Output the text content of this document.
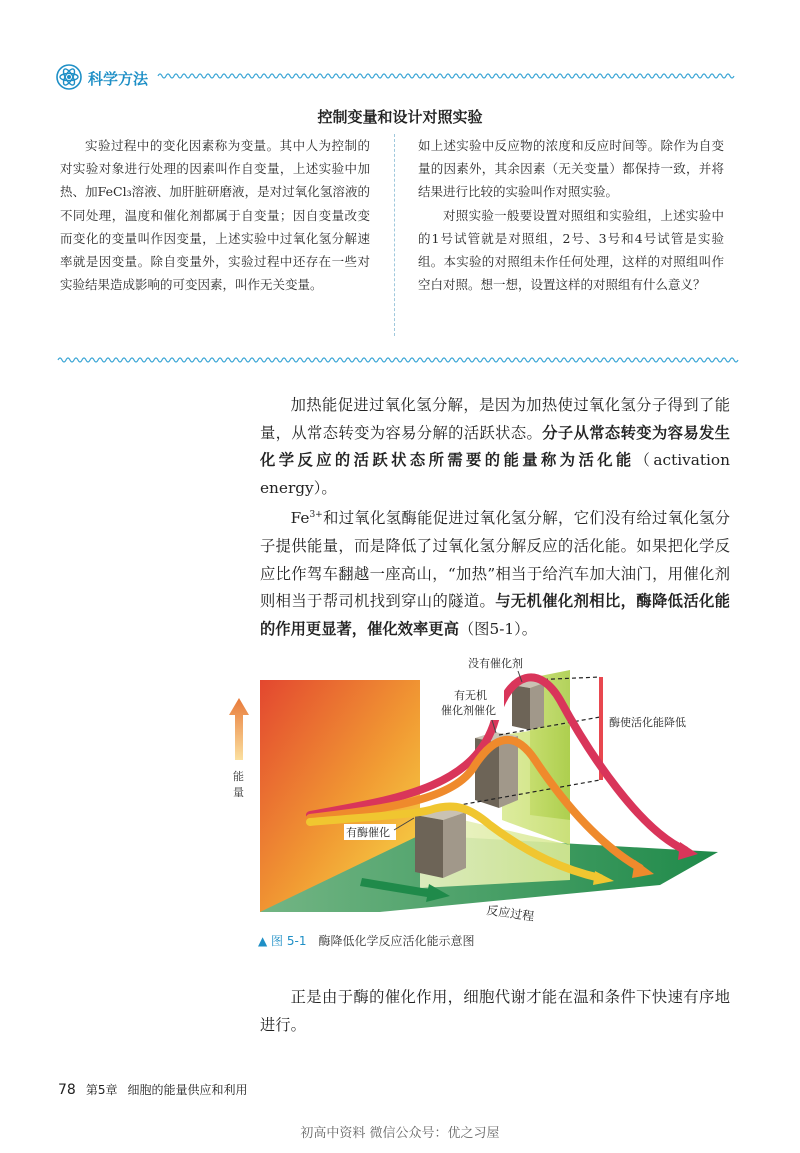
科学方法
控制变量和设计对照实验

实验过程中的变化因素称为变量。其中人为控制的对实验对象进行处理的因素叫作自变量，上述实验中加热、加FeCl₃溶液、加肝脏研磨液，是对过氧化氢溶液的不同处理，温度和催化剂都属于自变量；因自变量改变而变化的变量叫作因变量，上述实验中过氧化氢分解速率就是因变量。除自变量外，实验过程中还存在一些对实验结果造成影响的可变因素，叫作无关变量。

如上述实验中反应物的浓度和反应时间等。除作为自变量的因素外，其余因素（无关变量）都保持一致，并将结果进行比较的实验叫作对照实验。

对照实验一般要设置对照组和实验组，上述实验中的1号试管就是对照组，2号、3号和4号试管是实验组。本实验的对照组未作任何处理，这样的对照组叫作空白对照。想一想，设置这样的对照组有什么意义？

加热能促进过氧化氢分解，是因为加热使过氧化氢分子得到了能量，从常态转变为容易分解的活跃状态。分子从常态转变为容易发生化学反应的活跃状态所需要的能量称为活化能（activation energy）。

$Fe^{3+}$和过氧化氢酶能促进过氧化氢分解，它们没有给过氧化氢分子提供能量，而是降低了过氧化氢分解反应的活化能。如果把化学反应比作驾车翻越一座高山，“加热”相当于给汽车加大油门，用催化剂则相当于帮司机找到穿山的隧道。与无机催化剂相比，酶降低活化能的作用更显著，催化效率更高（图5-1）。

能
量
没有催化剂
有无机
催化剂催化
酶使活化能降低
有酶催化
反应过程
▲ 图 5-1 酶降低化学反应活化能示意图

正是由于酶的催化作用，细胞代谢才能在温和条件下快速有序地进行。

78 第5章 细胞的能量供应和利用
初高中资料 微信公众号：优之习屋
